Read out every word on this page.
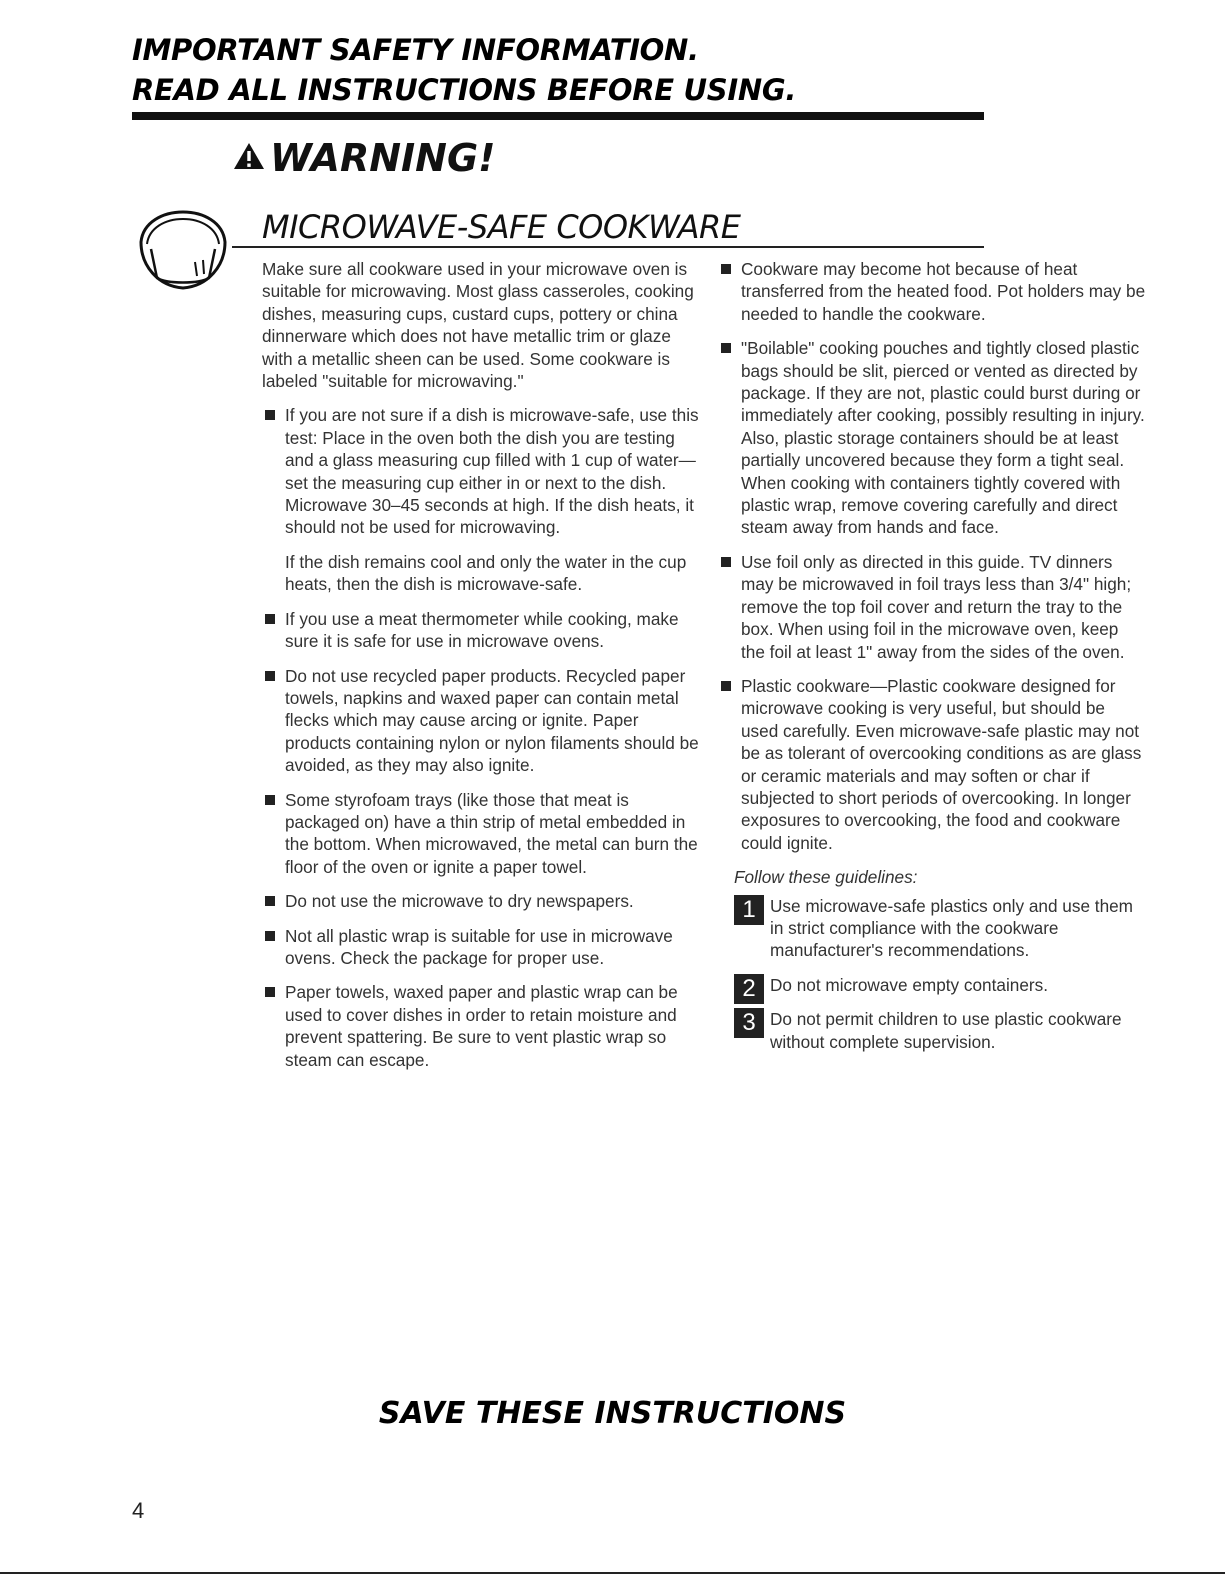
IMPORTANT SAFETY INFORMATION.
READ ALL INSTRUCTIONS BEFORE USING.
WARNING!
MICROWAVE-SAFE COOKWARE

Make sure all cookware used in your microwave oven is suitable for microwaving. Most glass casseroles, cooking dishes, measuring cups, custard cups, pottery or china dinnerware which does not have metallic trim or glaze with a metallic sheen can be used. Some cookware is labeled "suitable for microwaving."

If you are not sure if a dish is microwave-safe, use this test: Place in the oven both the dish you are testing and a glass measuring cup filled with 1 cup of water—set the measuring cup either in or next to the dish. Microwave 30–45 seconds at high. If the dish heats, it should not be used for microwaving.

If the dish remains cool and only the water in the cup heats, then the dish is microwave-safe.

If you use a meat thermometer while cooking, make sure it is safe for use in microwave ovens.

Do not use recycled paper products. Recycled paper towels, napkins and waxed paper can contain metal flecks which may cause arcing or ignite. Paper products containing nylon or nylon filaments should be avoided, as they may also ignite.

Some styrofoam trays (like those that meat is packaged on) have a thin strip of metal embedded in the bottom. When microwaved, the metal can burn the floor of the oven or ignite a paper towel.

Do not use the microwave to dry newspapers.

Not all plastic wrap is suitable for use in microwave ovens. Check the package for proper use.

Paper towels, waxed paper and plastic wrap can be used to cover dishes in order to retain moisture and prevent spattering. Be sure to vent plastic wrap so steam can escape.

Cookware may become hot because of heat transferred from the heated food. Pot holders may be needed to handle the cookware.

"Boilable" cooking pouches and tightly closed plastic bags should be slit, pierced or vented as directed by package. If they are not, plastic could burst during or immediately after cooking, possibly resulting in injury. Also, plastic storage containers should be at least partially uncovered because they form a tight seal. When cooking with containers tightly covered with plastic wrap, remove covering carefully and direct steam away from hands and face.

Use foil only as directed in this guide. TV dinners may be microwaved in foil trays less than 3/4" high; remove the top foil cover and return the tray to the box. When using foil in the microwave oven, keep the foil at least 1" away from the sides of the oven.

Plastic cookware—Plastic cookware designed for microwave cooking is very useful, but should be used carefully. Even microwave-safe plastic may not be as tolerant of overcooking conditions as are glass or ceramic materials and may soften or char if subjected to short periods of overcooking. In longer exposures to overcooking, the food and cookware could ignite.

Follow these guidelines:

1 Use microwave-safe plastics only and use them in strict compliance with the cookware manufacturer's recommendations.

2 Do not microwave empty containers.

3 Do not permit children to use plastic cookware without complete supervision.

SAVE THESE INSTRUCTIONS
4
